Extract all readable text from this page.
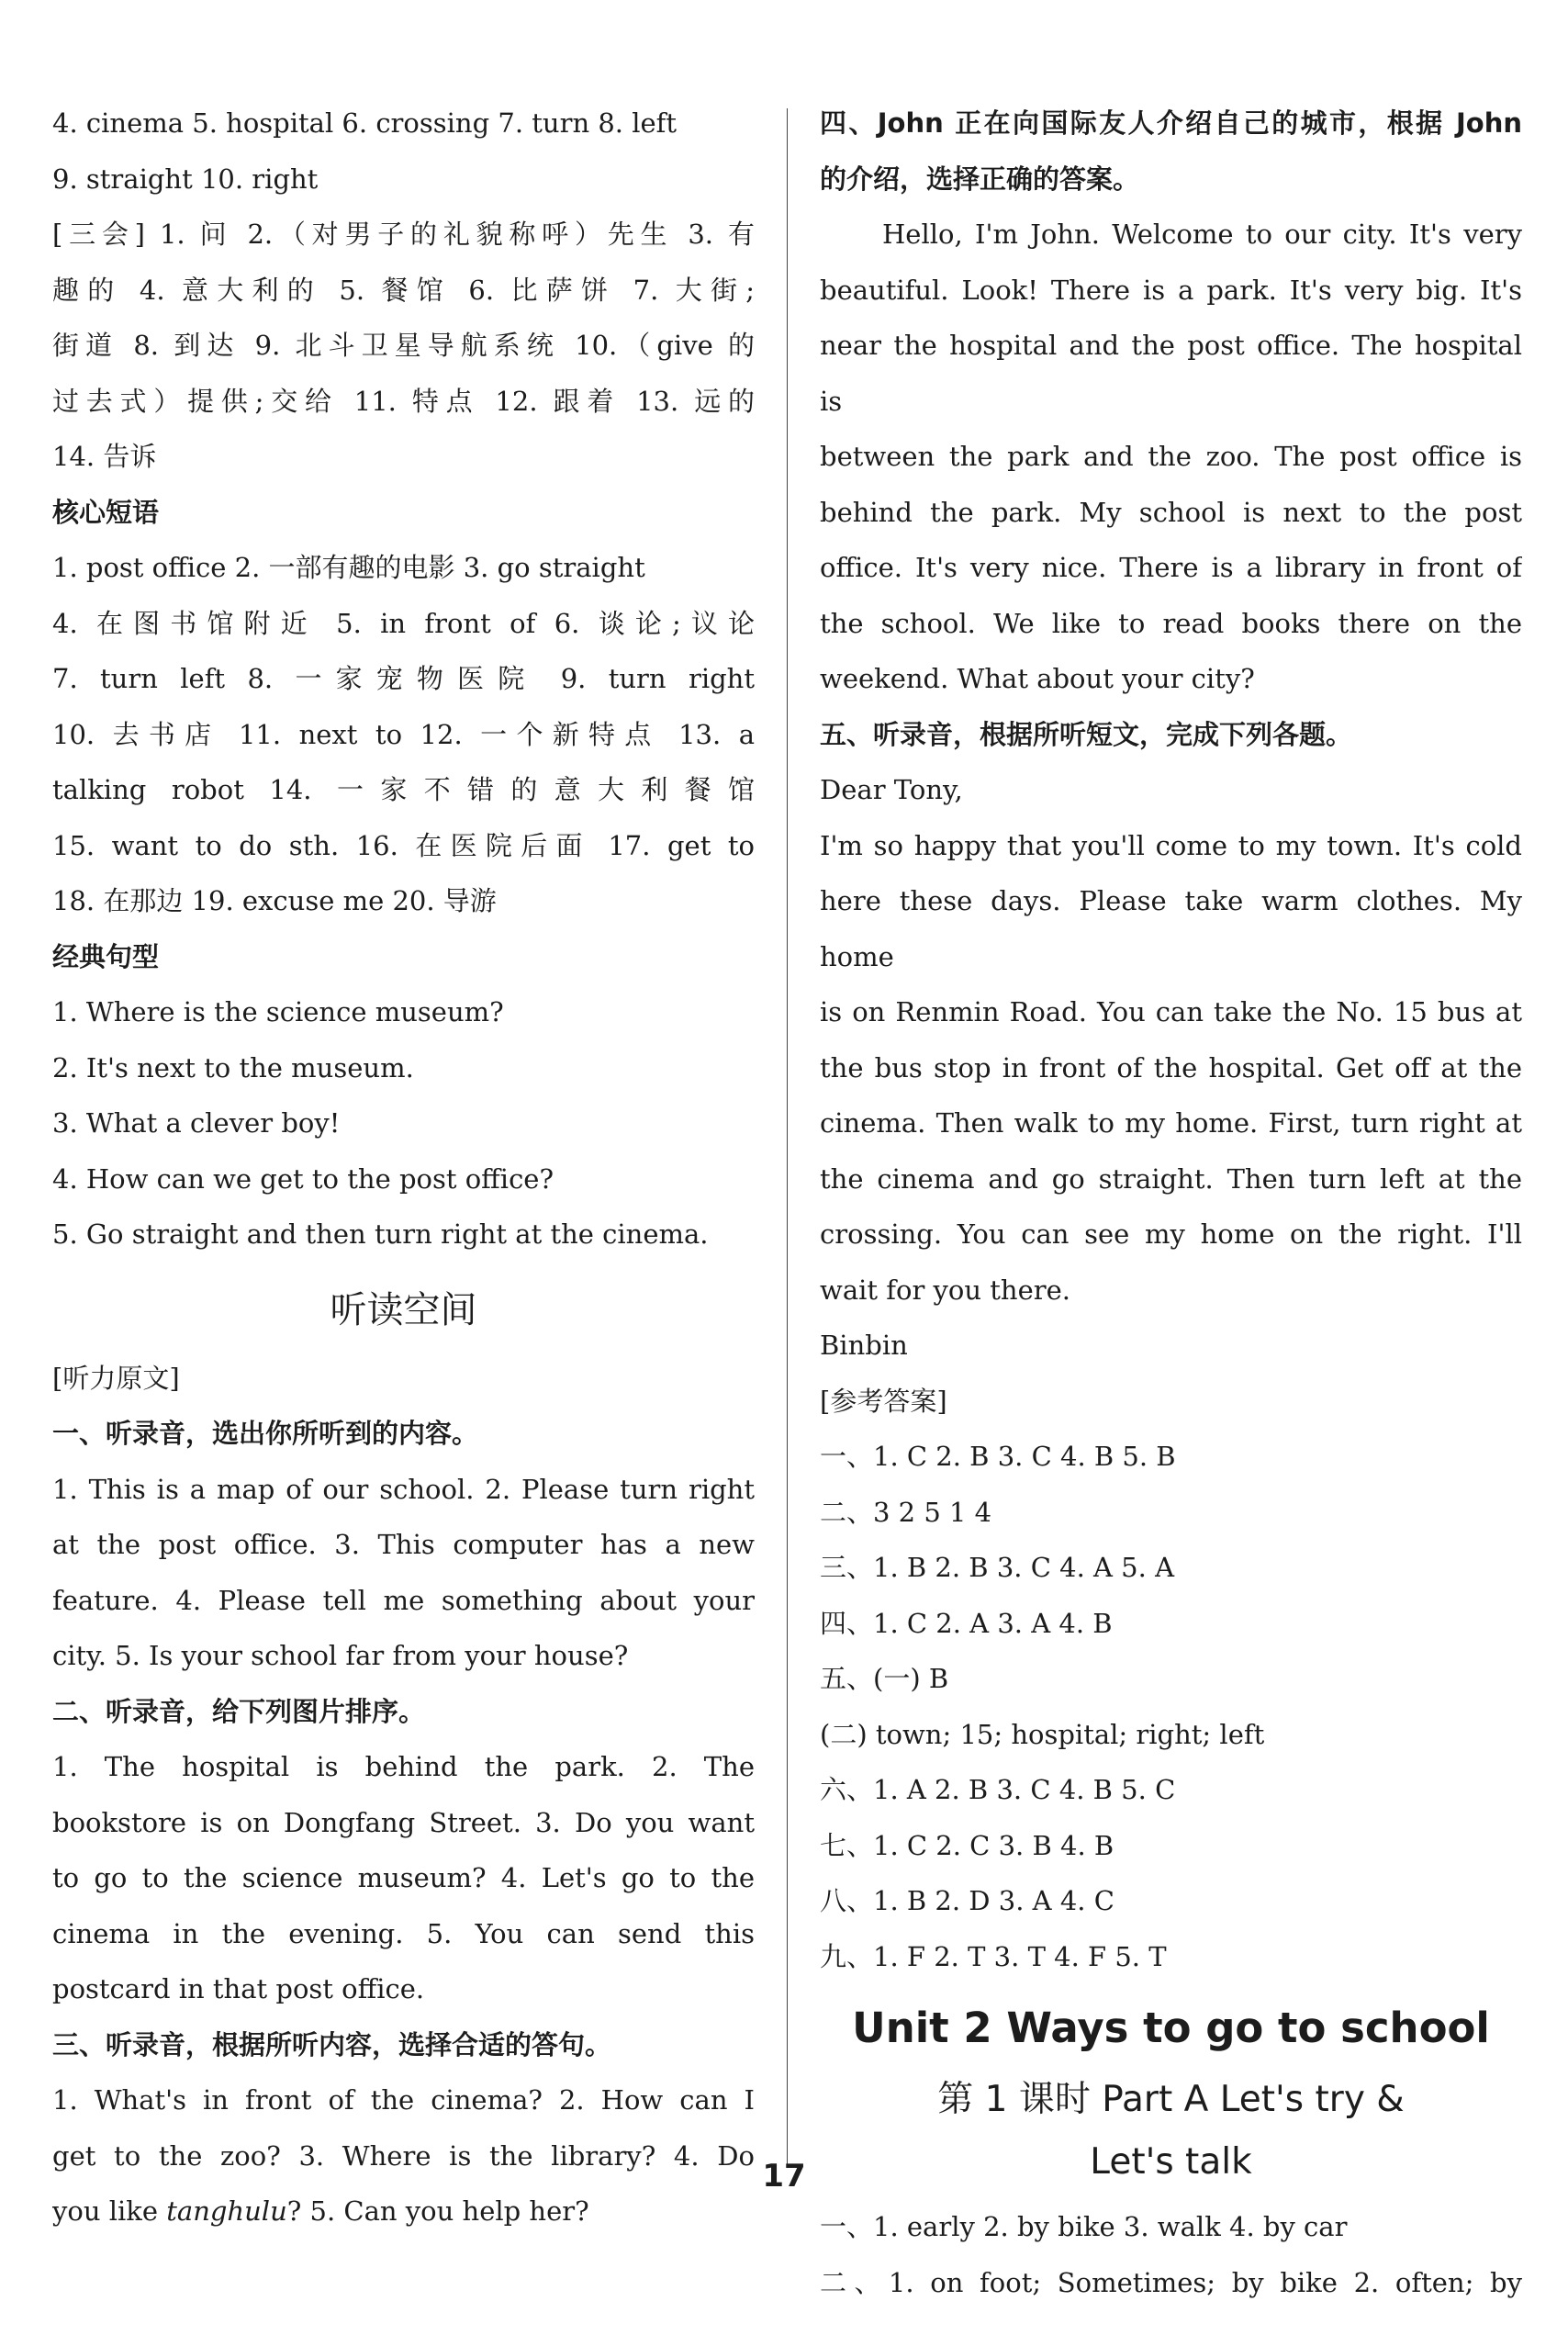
4. cinema 5. hospital 6. crossing 7. turn 8. left
9. straight 10. right
[三会] 1. 问 2.（对男子的礼貌称呼）先生 3. 有
趣的 4. 意大利的 5. 餐馆 6. 比萨饼 7. 大街;
街道 8. 到达 9. 北斗卫星导航系统 10.（give 的
过去式）提供;交给 11. 特点 12. 跟着 13. 远的
14. 告诉
核心短语
1. post office 2. 一部有趣的电影 3. go straight
4. 在图书馆附近 5. in front of 6. 谈论;议论
7. turn left 8. 一家宠物医院 9. turn right
10. 去书店 11. next to 12. 一个新特点 13. a
talking robot 14. 一家不错的意大利餐馆
15. want to do sth. 16. 在医院后面 17. get to
18. 在那边 19. excuse me 20. 导游
经典句型
1. Where is the science museum?
2. It's next to the museum.
3. What a clever boy!
4. How can we get to the post office?
5. Go straight and then turn right at the cinema.
听读空间
[听力原文]
一、听录音，选出你所听到的内容。
1. This is a map of our school. 2. Please turn right
at the post office. 3. This computer has a new
feature. 4. Please tell me something about your
city. 5. Is your school far from your house?
二、听录音，给下列图片排序。
1. The hospital is behind the park. 2. The
bookstore is on Dongfang Street. 3. Do you want
to go to the science museum? 4. Let's go to the
cinema in the evening. 5. You can send this
postcard in that post office.
三、听录音，根据所听内容，选择合适的答句。
1. What's in front of the cinema? 2. How can I
get to the zoo? 3. Where is the library? 4. Do
you like tanghulu? 5. Can you help her?
四、John 正在向国际友人介绍自己的城市，根据 John
的介绍，选择正确的答案。
Hello, I'm John. Welcome to our city. It's very
beautiful. Look! There is a park. It's very big. It's
near the hospital and the post office. The hospital is
between the park and the zoo. The post office is
behind the park. My school is next to the post
office. It's very nice. There is a library in front of
the school. We like to read books there on the
weekend. What about your city?
五、听录音，根据所听短文，完成下列各题。
Dear Tony,
I'm so happy that you'll come to my town. It's cold
here these days. Please take warm clothes. My home
is on Renmin Road. You can take the No. 15 bus at
the bus stop in front of the hospital. Get off at the
cinema. Then walk to my home. First, turn right at
the cinema and go straight. Then turn left at the
crossing. You can see my home on the right. I'll
wait for you there.
Binbin
[参考答案]
一、1. C 2. B 3. C 4. B 5. B
二、3 2 5 1 4
三、1. B 2. B 3. C 4. A 5. A
四、1. C 2. A 3. A 4. B
五、(一) B
(二) town; 15; hospital; right; left
六、1. A 2. B 3. C 4. B 5. C
七、1. C 2. C 3. B 4. B
八、1. B 2. D 3. A 4. C
九、1. F 2. T 3. T 4. F 5. T
Unit 2 Ways to go to school
第 1 课时 Part A Let's try &
Let's talk
一、1. early 2. by bike 3. walk 4. by car
二、1. on foot; Sometimes; by bike 2. often; by
17
